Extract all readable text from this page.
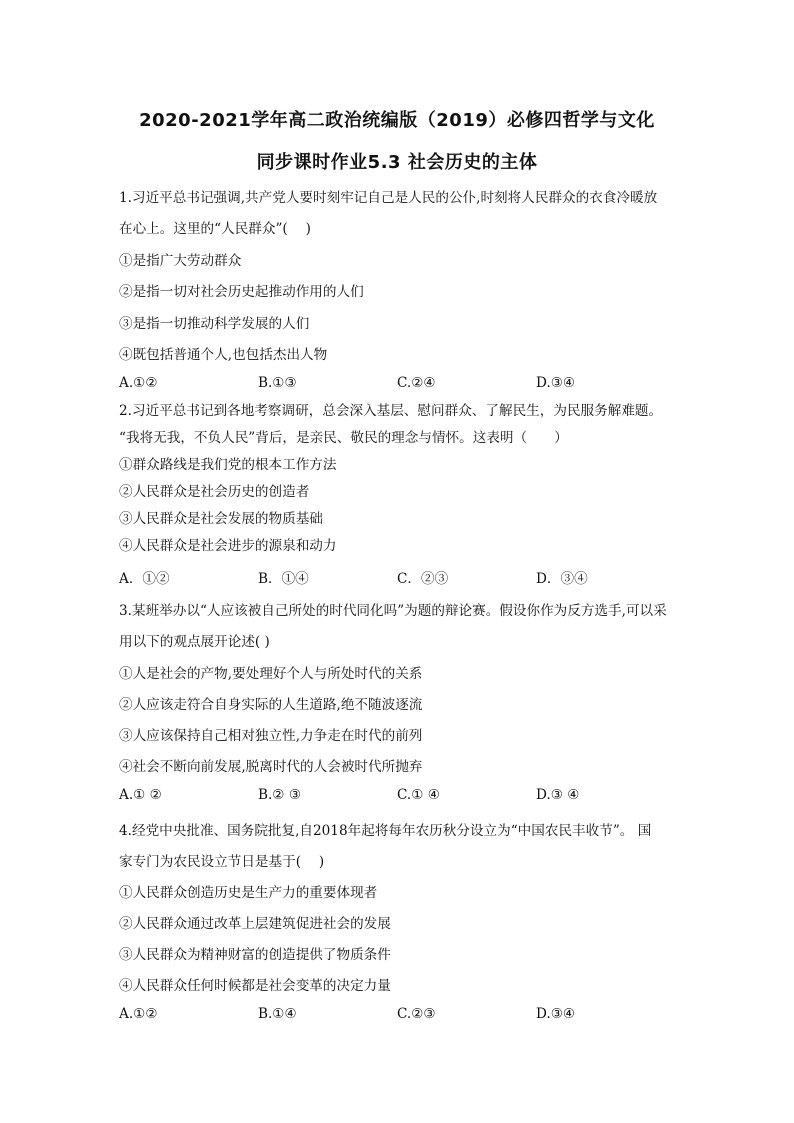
2020-2021学年高二政治统编版（2019）必修四哲学与文化
同步课时作业5.3 社会历史的主体
1.习近平总书记强调,共产党人要时刻牢记自己是人民的公仆,时刻将人民群众的衣食冷暖放
在心上。这里的“人民群众”(　 )
①是指广大劳动群众
②是指一切对社会历史起推动作用的人们
③是指一切推动科学发展的人们
④既包括普通个人,也包括杰出人物
A.①②	B.①③	C.②④	D.③④
2.习近平总书记到各地考察调研，总会深入基层、慰问群众、了解民生，为民服务解难题。
“我将无我，不负人民”背后，是亲民、敬民的理念与情怀。这表明（　　）
①群众路线是我们党的根本工作方法
②人民群众是社会历史的创造者
③人民群众是社会发展的物质基础
④人民群众是社会进步的源泉和动力
A．①②	B．①④	C．②③	D．③④
3.某班举办以“人应该被自己所处的时代同化吗”为题的辩论赛。假设你作为反方选手,可以采
用以下的观点展开论述( )
①人是社会的产物,要处理好个人与所处时代的关系
②人应该走符合自身实际的人生道路,绝不随波逐流
③人应该保持自己相对独立性,力争走在时代的前列
④社会不断向前发展,脱离时代的人会被时代所抛弃
A.① ②	B.② ③	C.① ④	D.③ ④
4.经党中央批准、国务院批复,自2018年起将每年农历秋分设立为“中国农民丰收节”。 国
家专门为农民设立节日是基于(　 )
①人民群众创造历史是生产力的重要体现者
②人民群众通过改革上层建筑促进社会的发展
③人民群众为精神财富的创造提供了物质条件
④人民群众任何时候都是社会变革的决定力量
A.①②	B.①④	C.②③	D.③④
